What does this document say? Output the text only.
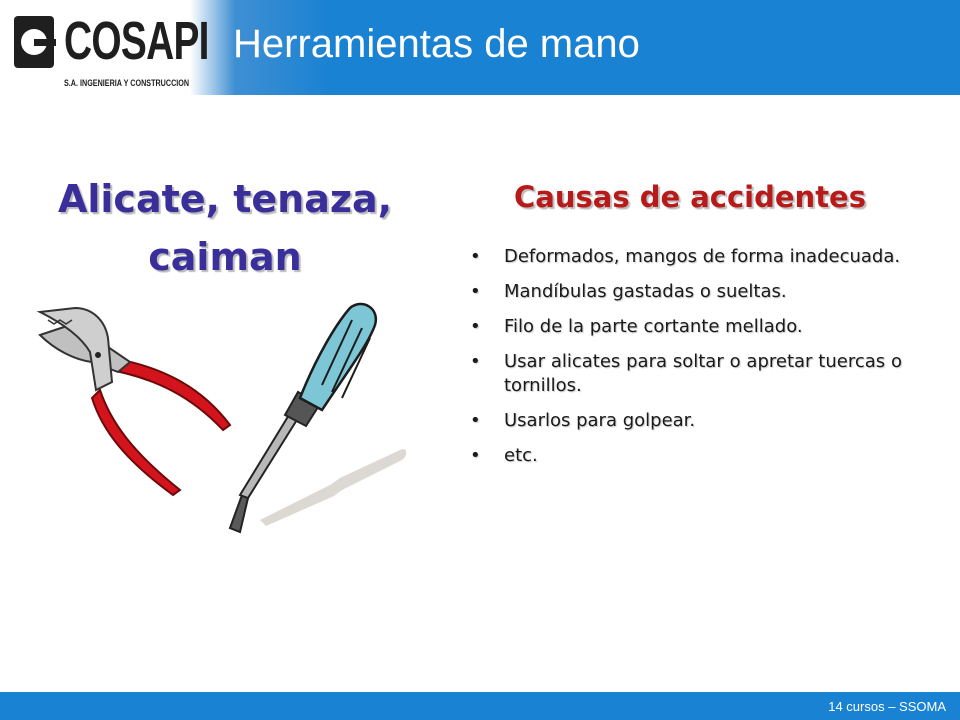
COSAPI
S.A. INGENIERIA Y CONSTRUCCION
Herramientas de mano
Alicate, tenaza,
caiman
Causas de accidentes
•	Deformados, mangos de forma inadecuada.
•	Mandíbulas gastadas o sueltas.
•	Filo de la parte cortante mellado.
•	Usar alicates para soltar o apretar tuercas o tornillos.
•	Usarlos para golpear.
•	etc.
14 cursos – SSOMA
